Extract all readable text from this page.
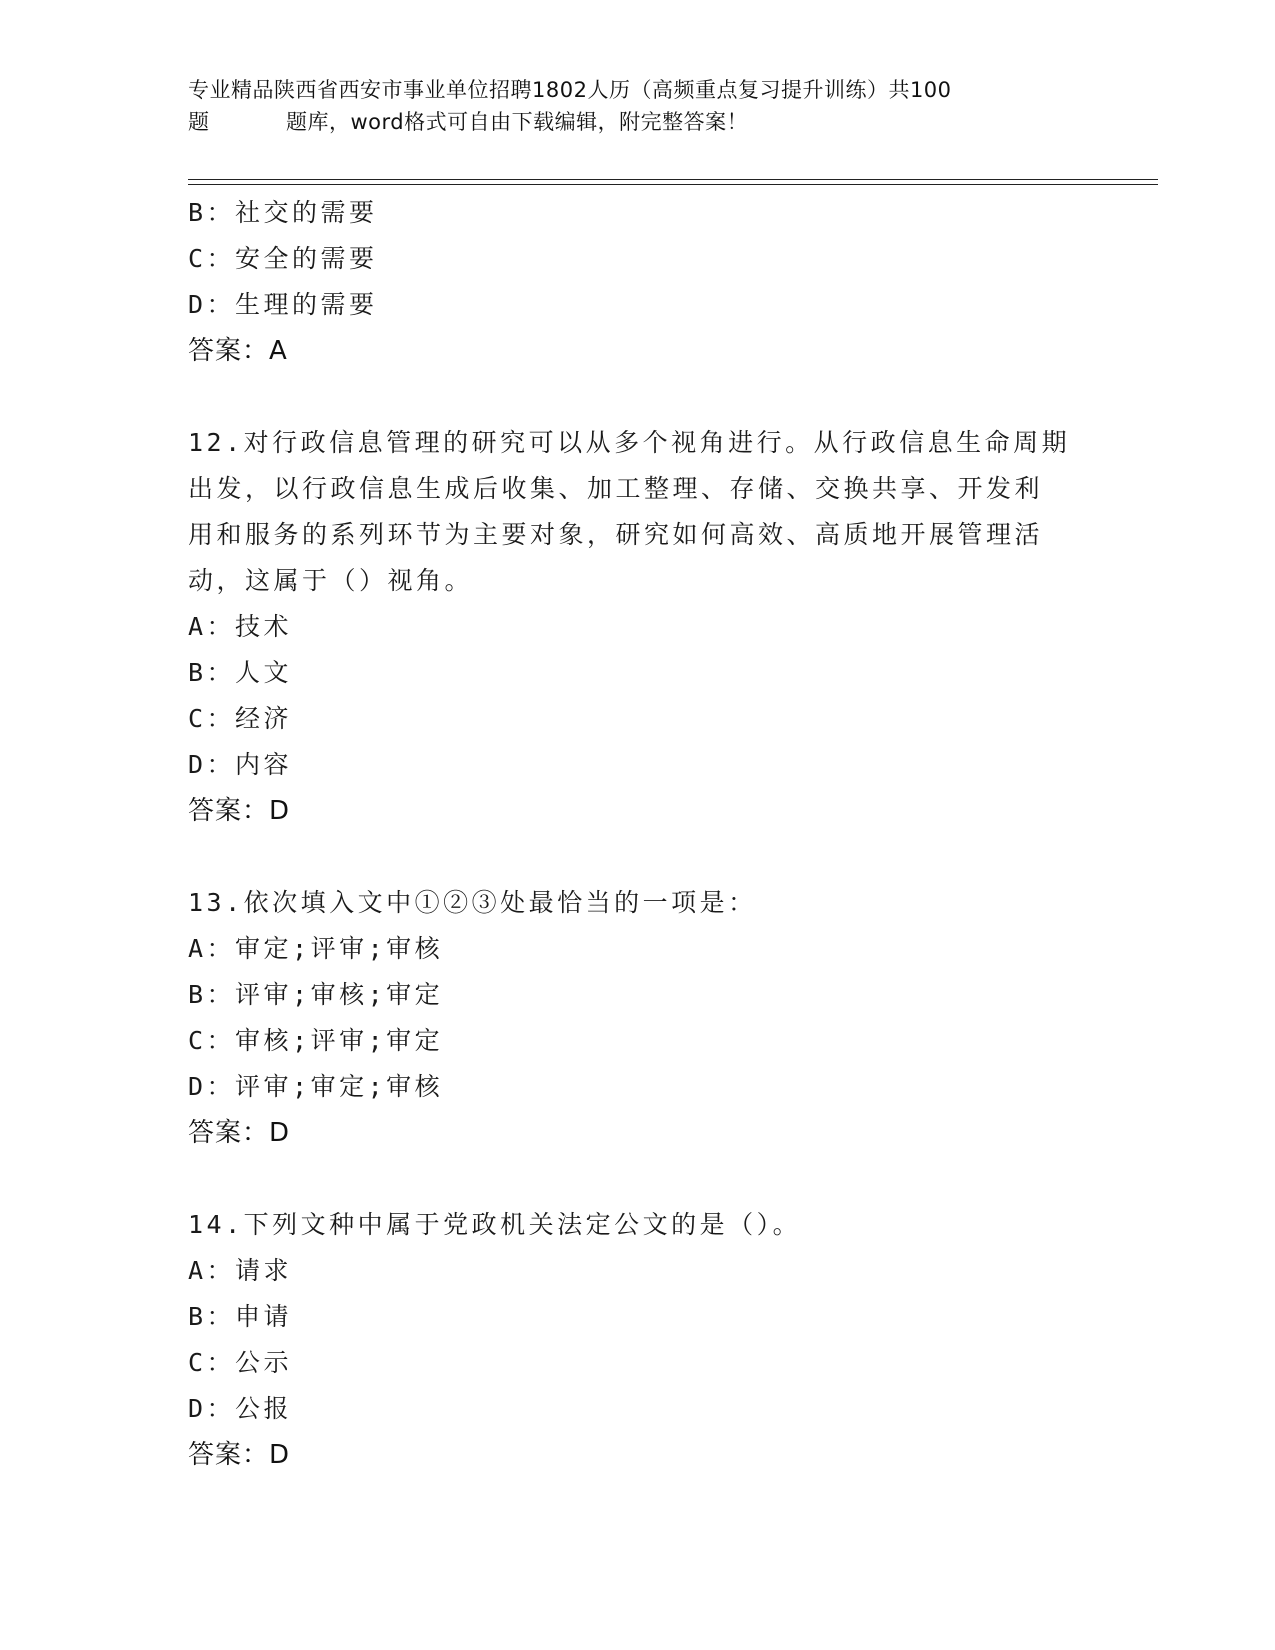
专业精品陕西省西安市事业单位招聘1802人历（高频重点复习提升训练）共100
题	题库，word格式可自由下载编辑，附完整答案！
B：社交的需要
C：安全的需要
D：生理的需要
答案：A
12.对行政信息管理的研究可以从多个视角进行。从行政信息生命周期
出发，以行政信息生成后收集、加工整理、存储、交换共享、开发利
用和服务的系列环节为主要对象，研究如何高效、高质地开展管理活
动，这属于（）视角。
A：技术
B：人文
C：经济
D：内容
答案：D
13.依次填入文中①②③处最恰当的一项是：
A：审定;评审;审核
B：评审;审核;审定
C：审核;评审;审定
D：评审;审定;审核
答案：D
14.下列文种中属于党政机关法定公文的是（）。
A：请求
B：申请
C：公示
D：公报
答案：D
